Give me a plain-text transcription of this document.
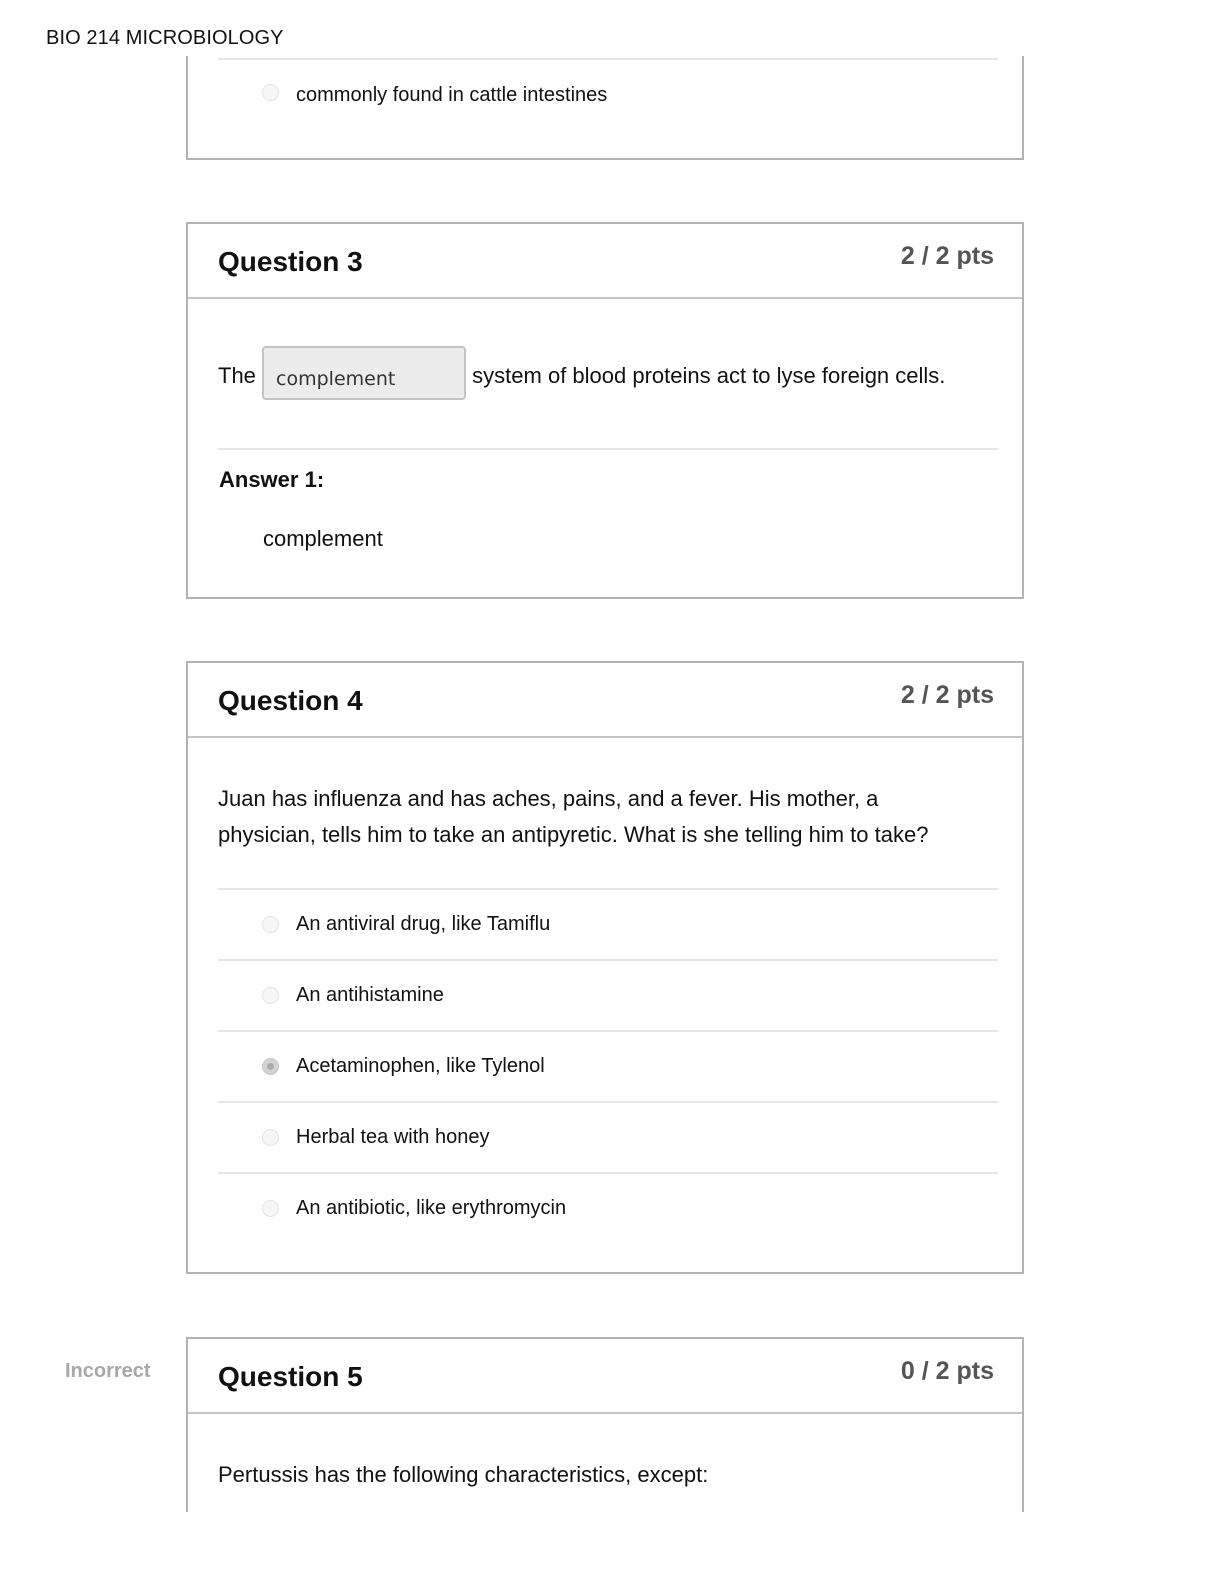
BIO 214 MICROBIOLOGY
commonly found in cattle intestines
Question 3	2 / 2 pts
The complement	system of blood proteins act to lyse foreign cells.
Answer 1:
complement
Question 4	2 / 2 pts
Juan has influenza and has aches, pains, and a fever. His mother, a
physician, tells him to take an antipyretic. What is she telling him to take?
An antiviral drug, like Tamiflu
An antihistamine
Acetaminophen, like Tylenol
Herbal tea with honey
An antibiotic, like erythromycin
Incorrect Question 5	0 / 2 pts
Pertussis has the following characteristics, except:
